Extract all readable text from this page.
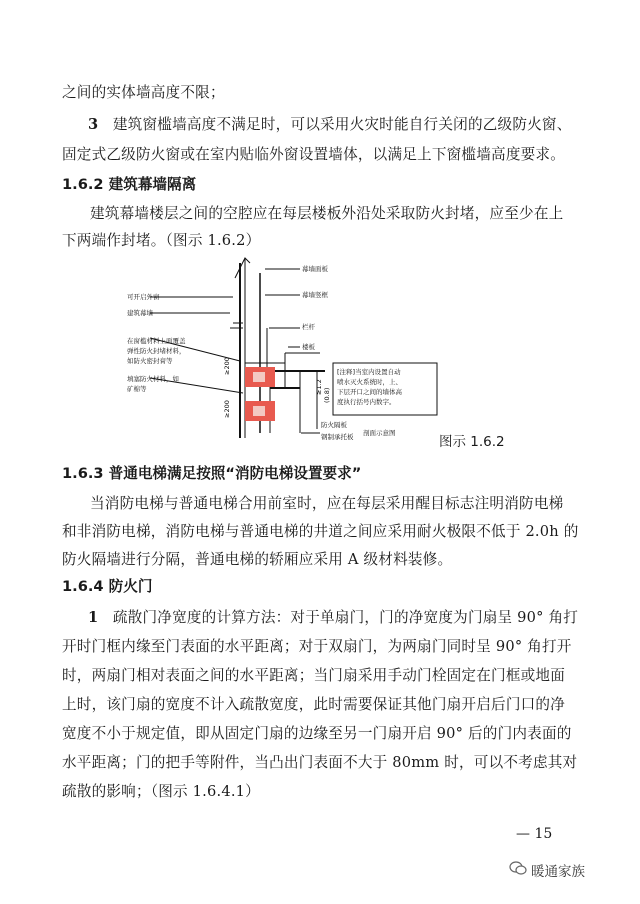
之间的实体墙高度不限；
3 建筑窗槛墙高度不满足时，可以采用火灾时能自行关闭的乙级防火窗、
固定式乙级防火窗或在室内贴临外窗设置墙体，以满足上下窗槛墙高度要求。
1.6.2 建筑幕墙隔离
建筑幕墙楼层之间的空腔应在每层楼板外沿处采取防火封堵，应至少在上
下两端作封堵。（图示 1.6.2）
幕墙面板
幕墙竖框
可开启外窗
建筑幕墙
栏杆
楼板
在窗槛材料上面覆盖
弹性防火封堵材料，
如防火密封膏等
填塞防火材料，如
矿棉等
防火隔板
钢制承托板 剖面示意图
[注释]当室内设置自动
喷水灭火系统时，上、
下层开口之间的墙体高
度执行括号内数字。
≥200
≥1.2
(0.8)
≥200
图示 1.6.2
1.6.3 普通电梯满足按照“消防电梯设置要求”
当消防电梯与普通电梯合用前室时，应在每层采用醒目标志注明消防电梯
和非消防电梯，消防电梯与普通电梯的井道之间应采用耐火极限不低于 2.0h 的
防火隔墙进行分隔，普通电梯的轿厢应采用 A 级材料装修。
1.6.4 防火门
1 疏散门净宽度的计算方法：对于单扇门，门的净宽度为门扇呈 90° 角打
开时门框内缘至门表面的水平距离；对于双扇门，为两扇门同时呈 90° 角打开
时，两扇门相对表面之间的水平距离；当门扇采用手动门栓固定在门框或地面
上时，该门扇的宽度不计入疏散宽度，此时需要保证其他门扇开启后门口的净
宽度不小于规定值，即从固定门扇的边缘至另一门扇开启 90° 后的门内表面的
水平距离；门的把手等附件，当凸出门表面不大于 80mm 时，可以不考虑其对
疏散的影响；（图示 1.6.4.1）
— 15
暖通家族
